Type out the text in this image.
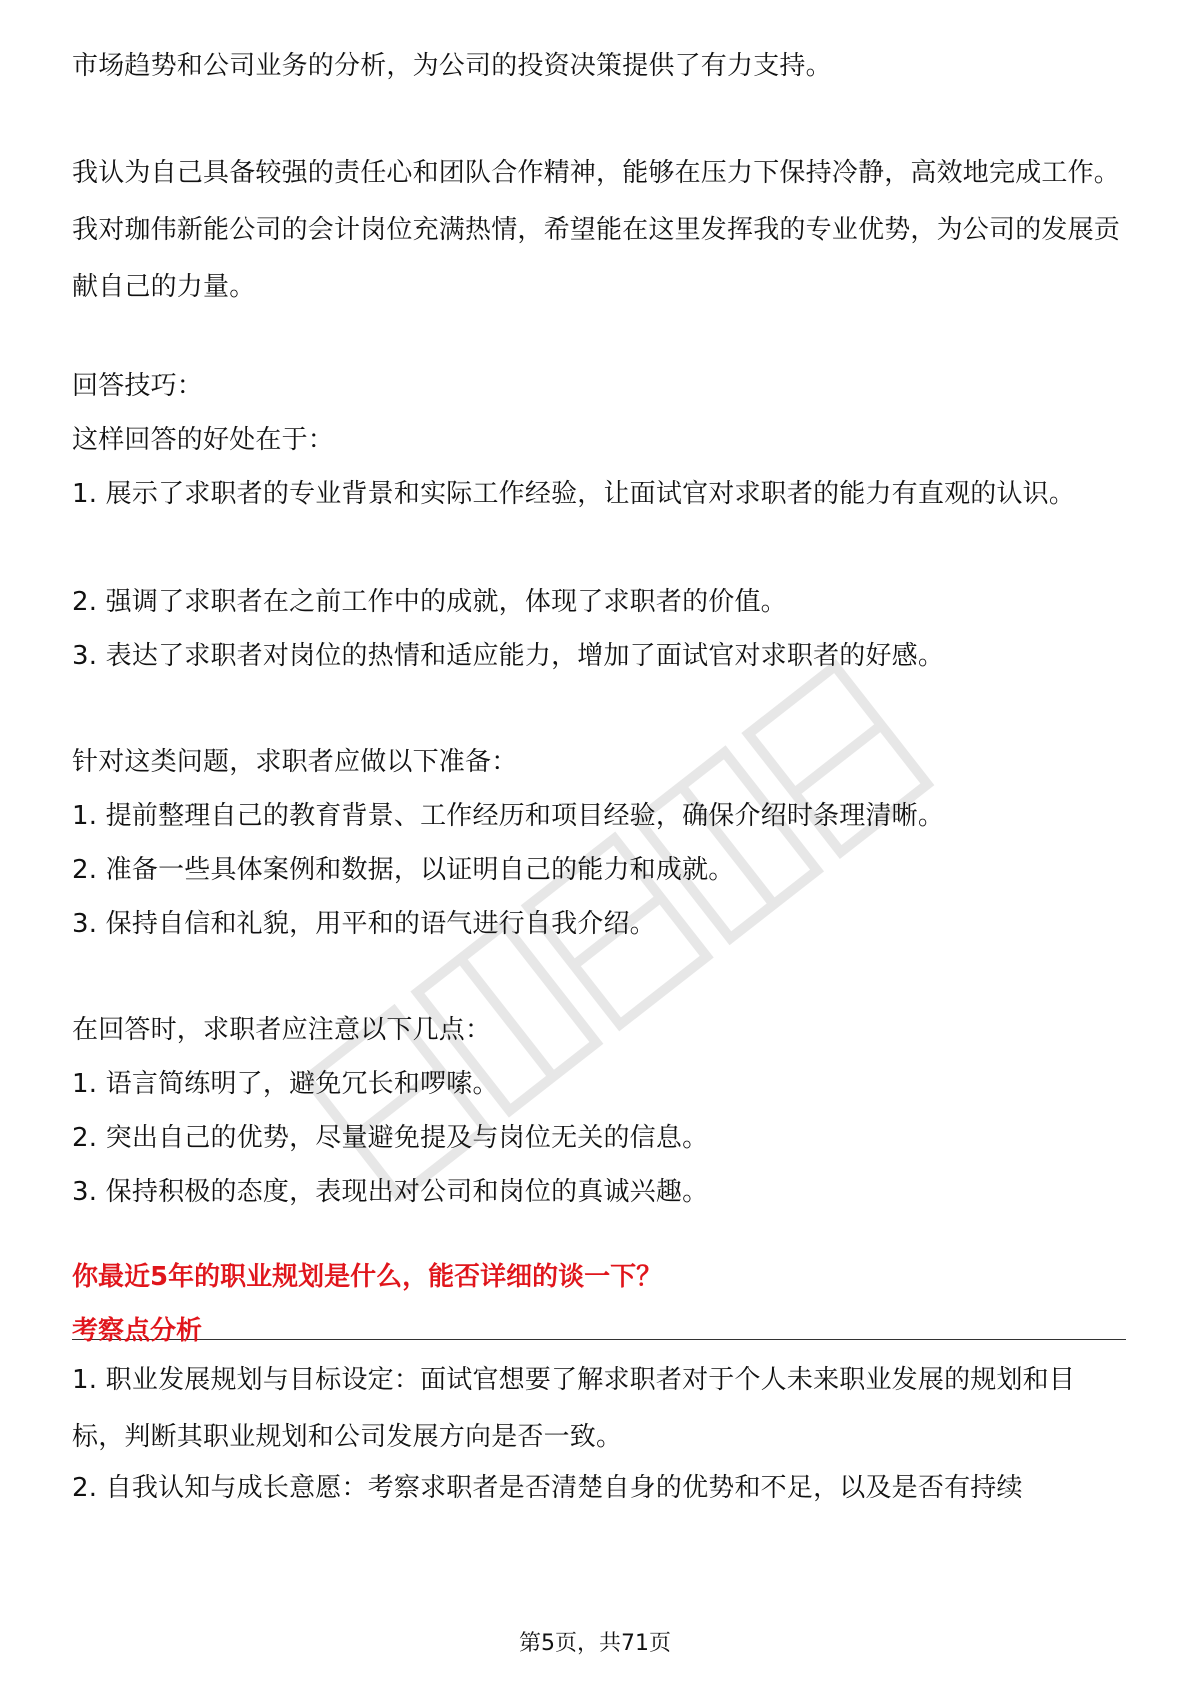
市场趋势和公司业务的分析，为公司的投资决策提供了有力支持。

我认为自己具备较强的责任心和团队合作精神，能够在压力下保持冷静，高效地完成工作。我对珈伟新能公司的会计岗位充满热情，希望能在这里发挥我的专业优势，为公司的发展贡献自己的力量。

回答技巧：

这样回答的好处在于：

1. 展示了求职者的专业背景和实际工作经验，让面试官对求职者的能力有直观的认识。

2. 强调了求职者在之前工作中的成就，体现了求职者的价值。

3. 表达了求职者对岗位的热情和适应能力，增加了面试官对求职者的好感。

针对这类问题，求职者应做以下准备：

1. 提前整理自己的教育背景、工作经历和项目经验，确保介绍时条理清晰。

2. 准备一些具体案例和数据，以证明自己的能力和成就。

3. 保持自信和礼貌，用平和的语气进行自我介绍。

在回答时，求职者应注意以下几点：

1. 语言简练明了，避免冗长和啰嗦。

2. 突出自己的优势，尽量避免提及与岗位无关的信息。

3. 保持积极的态度，表现出对公司和岗位的真诚兴趣。

你最近5年的职业规划是什么，能否详细的谈一下？

考察点分析

1. 职业发展规划与目标设定：面试官想要了解求职者对于个人未来职业发展的规划和目标，判断其职业规划和公司发展方向是否一致。

2. 自我认知与成长意愿：考察求职者是否清楚自身的优势和不足，以及是否有持续

第5页，共71页
